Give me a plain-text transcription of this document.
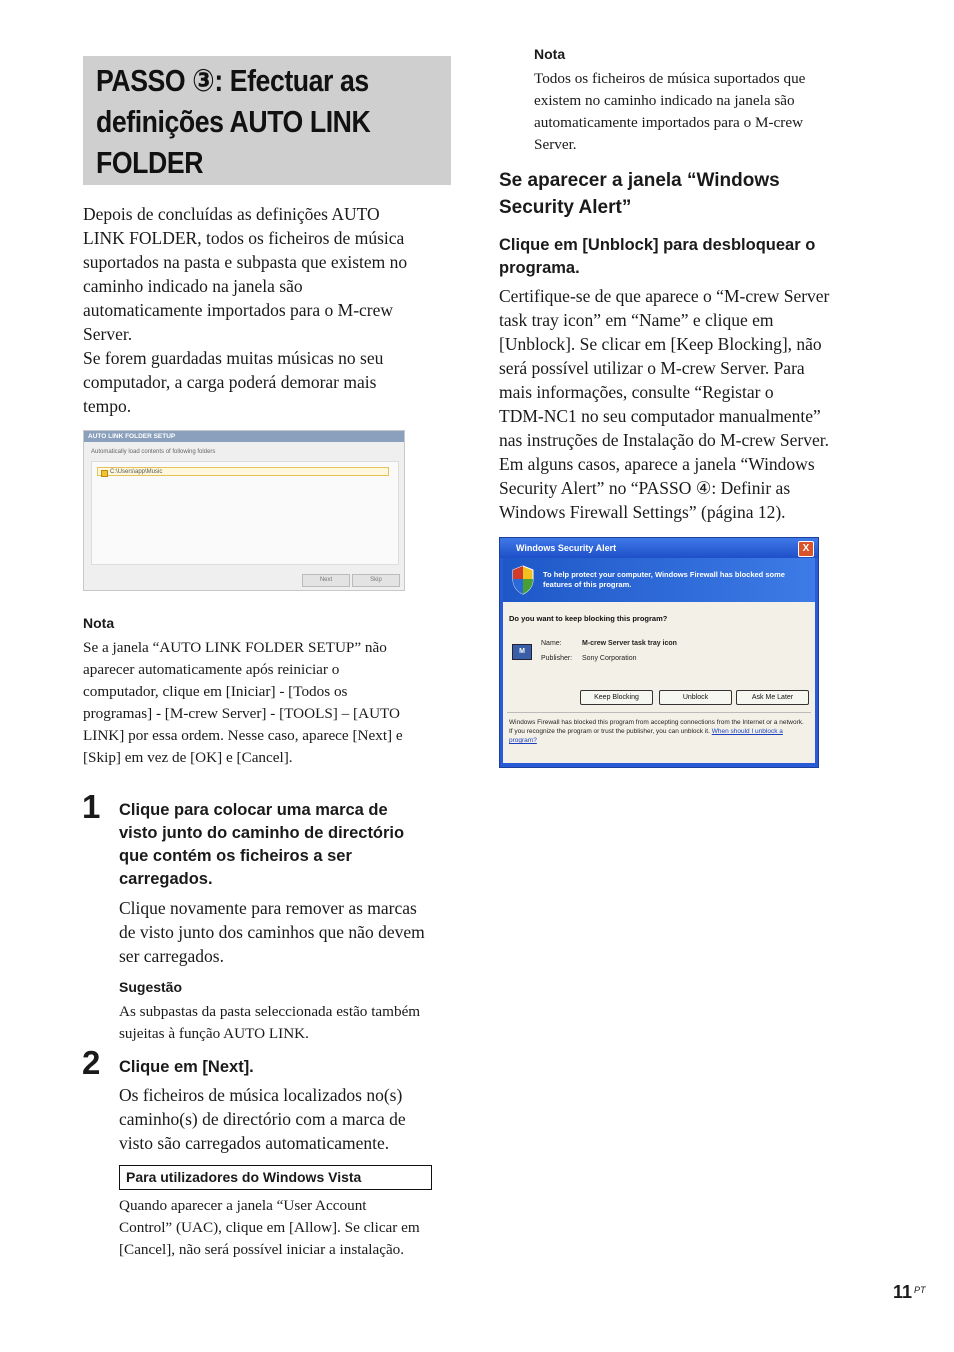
PASSO ③: Efectuar as
definições AUTO LINK
FOLDER
Depois de concluídas as definições AUTO
LINK FOLDER, todos os ficheiros de música
suportados na pasta e subpasta que existem no
caminho indicado na janela são
automaticamente importados para o M-crew
Server.
Se forem guardadas muitas músicas no seu
computador, a carga poderá demorar mais
tempo.
AUTO LINK FOLDER SETUP
Automatically load contents of following folders
C:\Users\app\Music
Next	Skip
Nota
Se a janela “AUTO LINK FOLDER SETUP” não
aparecer automaticamente após reiniciar o
computador, clique em [Iniciar] - [Todos os
programas] - [M-crew Server] - [TOOLS] – [AUTO
LINK] por essa ordem. Nesse caso, aparece [Next] e
[Skip] em vez de [OK] e [Cancel].
1 Clique para colocar uma marca de
visto junto do caminho de directório
que contém os ficheiros a ser
carregados.
Clique novamente para remover as marcas
de visto junto dos caminhos que não devem
ser carregados.
Sugestão
As subpastas da pasta seleccionada estão também
sujeitas à função AUTO LINK.
2 Clique em [Next].
Os ficheiros de música localizados no(s)
caminho(s) de directório com a marca de
visto são carregados automaticamente.
Para utilizadores do Windows Vista
Quando aparecer a janela “User Account
Control” (UAC), clique em [Allow]. Se clicar em
[Cancel], não será possível iniciar a instalação.
Nota
Todos os ficheiros de música suportados que
existem no caminho indicado na janela são
automaticamente importados para o M-crew
Server.
Se aparecer a janela “Windows
Security Alert”
Clique em [Unblock] para desbloquear o
programa.
Certifique-se de que aparece o “M-crew Server
task tray icon” em “Name” e clique em
[Unblock]. Se clicar em [Keep Blocking], não
será possível utilizar o M-crew Server. Para
mais informações, consulte “Registar o
TDM-NC1 no seu computador manualmente”
nas instruções de Instalação do M-crew Server.
Em alguns casos, aparece a janela “Windows
Security Alert” no “PASSO ④: Definir as
Windows Firewall Settings” (página 12).
Windows Security Alert	X
To help protect your computer, Windows Firewall has blocked some features of this program.
Do you want to keep blocking this program?
M
Name:	M-crew Server task tray icon
Publisher: Sony Corporation
Keep Blocking	Unblock	Ask Me Later
Windows Firewall has blocked this program from accepting connections from the Internet or a network. If you recognize the program or trust the publisher, you can unblock it. When should I unblock a program?
11 PT
